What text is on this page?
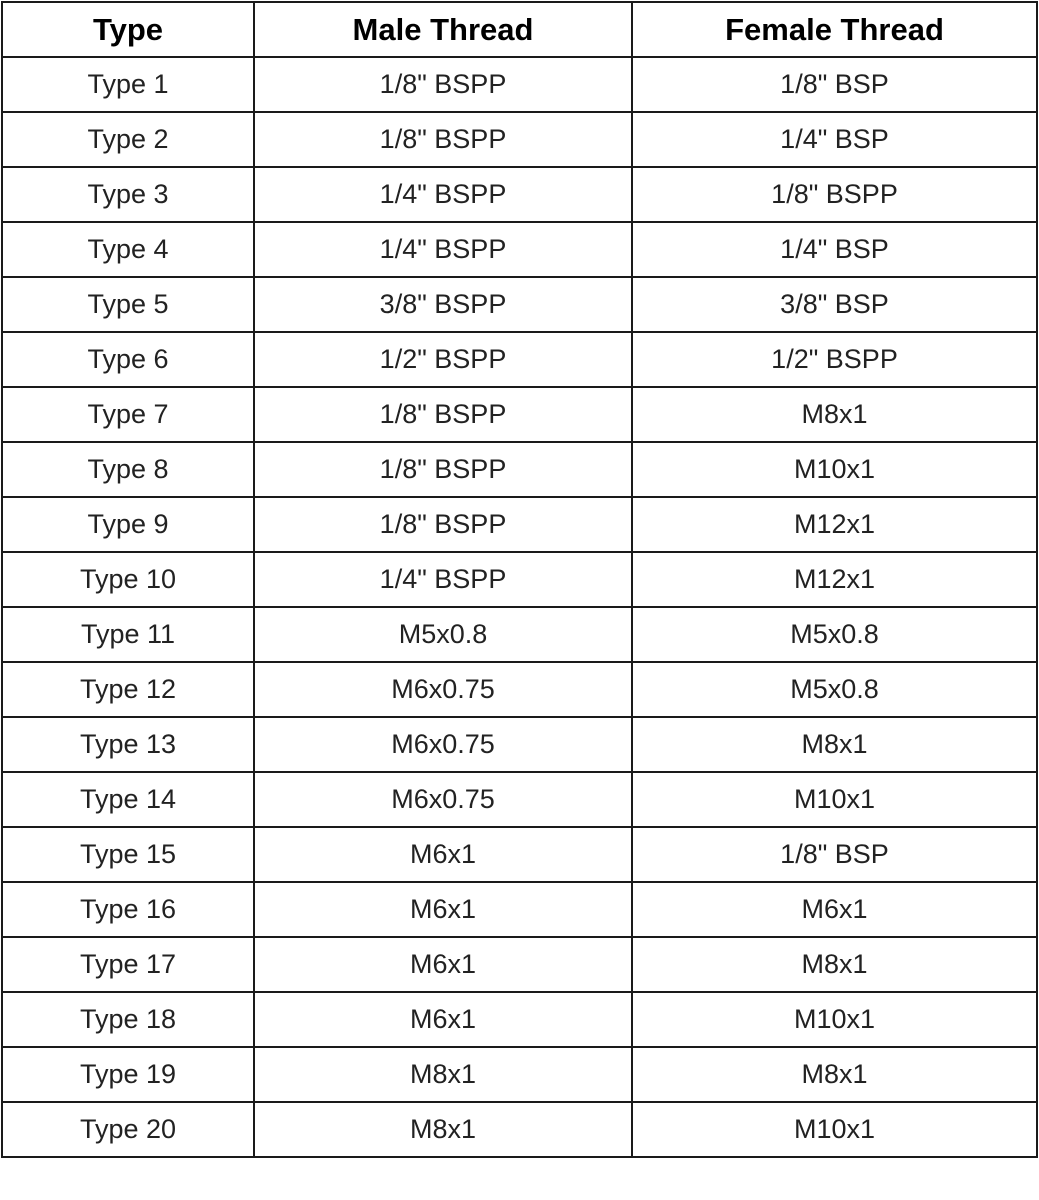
Type	Male Thread	Female Thread
Type 1	1/8" BSPP	1/8" BSP
Type 2	1/8" BSPP	1/4" BSP
Type 3	1/4" BSPP	1/8" BSPP
Type 4	1/4" BSPP	1/4" BSP
Type 5	3/8" BSPP	3/8" BSP
Type 6	1/2" BSPP	1/2" BSPP
Type 7	1/8" BSPP	M8x1
Type 8	1/8" BSPP	M10x1
Type 9	1/8" BSPP	M12x1
Type 10	1/4" BSPP	M12x1
Type 11	M5x0.8	M5x0.8
Type 12	M6x0.75	M5x0.8
Type 13	M6x0.75	M8x1
Type 14	M6x0.75	M10x1
Type 15	M6x1	1/8" BSP
Type 16	M6x1	M6x1
Type 17	M6x1	M8x1
Type 18	M6x1	M10x1
Type 19	M8x1	M8x1
Type 20	M8x1	M10x1
